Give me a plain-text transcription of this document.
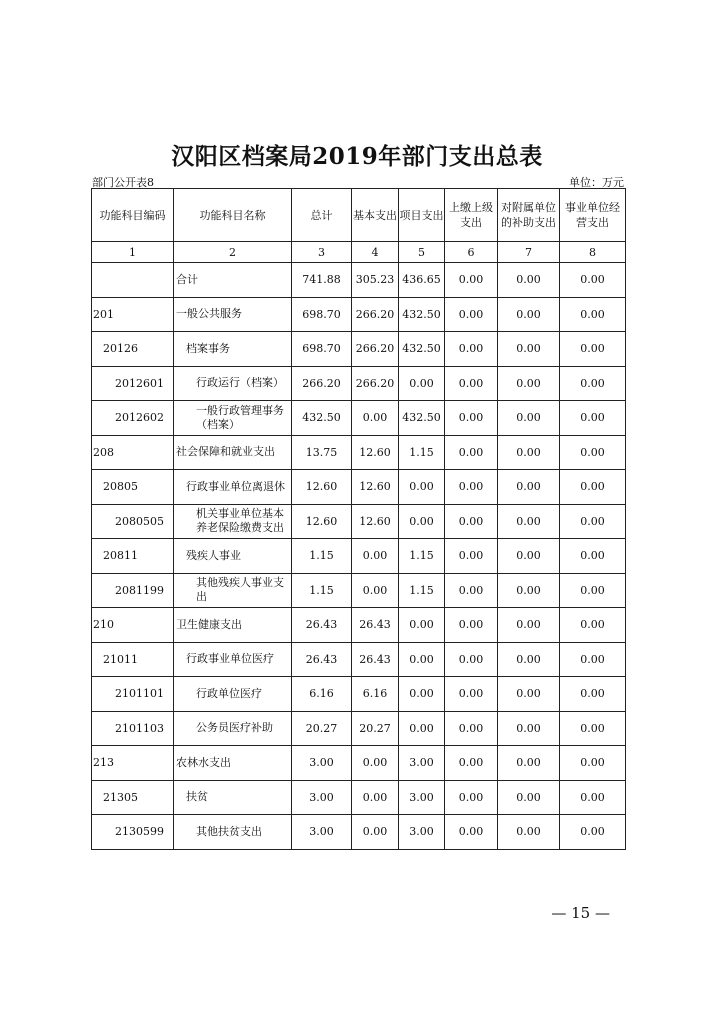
汉阳区档案局2019年部门支出总表
部门公开表8	单位：万元
功能科目编码	功能科目名称	总计	基本支出	项目支出	上缴上级支出	对附属单位的补助支出	事业单位经营支出
1	2	3	4	5	6	7	8
	合计	741.88	305.23	436.65	0.00	0.00	0.00
201	一般公共服务	698.70	266.20	432.50	0.00	0.00	0.00
20126	档案事务	698.70	266.20	432.50	0.00	0.00	0.00
2012601	行政运行（档案）	266.20	266.20	0.00	0.00	0.00	0.00
2012602	一般行政管理事务（档案）	432.50	0.00	432.50	0.00	0.00	0.00
208	社会保障和就业支出	13.75	12.60	1.15	0.00	0.00	0.00
20805	行政事业单位离退休	12.60	12.60	0.00	0.00	0.00	0.00
2080505	机关事业单位基本养老保险缴费支出	12.60	12.60	0.00	0.00	0.00	0.00
20811	残疾人事业	1.15	0.00	1.15	0.00	0.00	0.00
2081199	其他残疾人事业支出	1.15	0.00	1.15	0.00	0.00	0.00
210	卫生健康支出	26.43	26.43	0.00	0.00	0.00	0.00
21011	行政事业单位医疗	26.43	26.43	0.00	0.00	0.00	0.00
2101101	行政单位医疗	6.16	6.16	0.00	0.00	0.00	0.00
2101103	公务员医疗补助	20.27	20.27	0.00	0.00	0.00	0.00
213	农林水支出	3.00	0.00	3.00	0.00	0.00	0.00
21305	扶贫	3.00	0.00	3.00	0.00	0.00	0.00
2130599	其他扶贫支出	3.00	0.00	3.00	0.00	0.00	0.00
— 15 —
